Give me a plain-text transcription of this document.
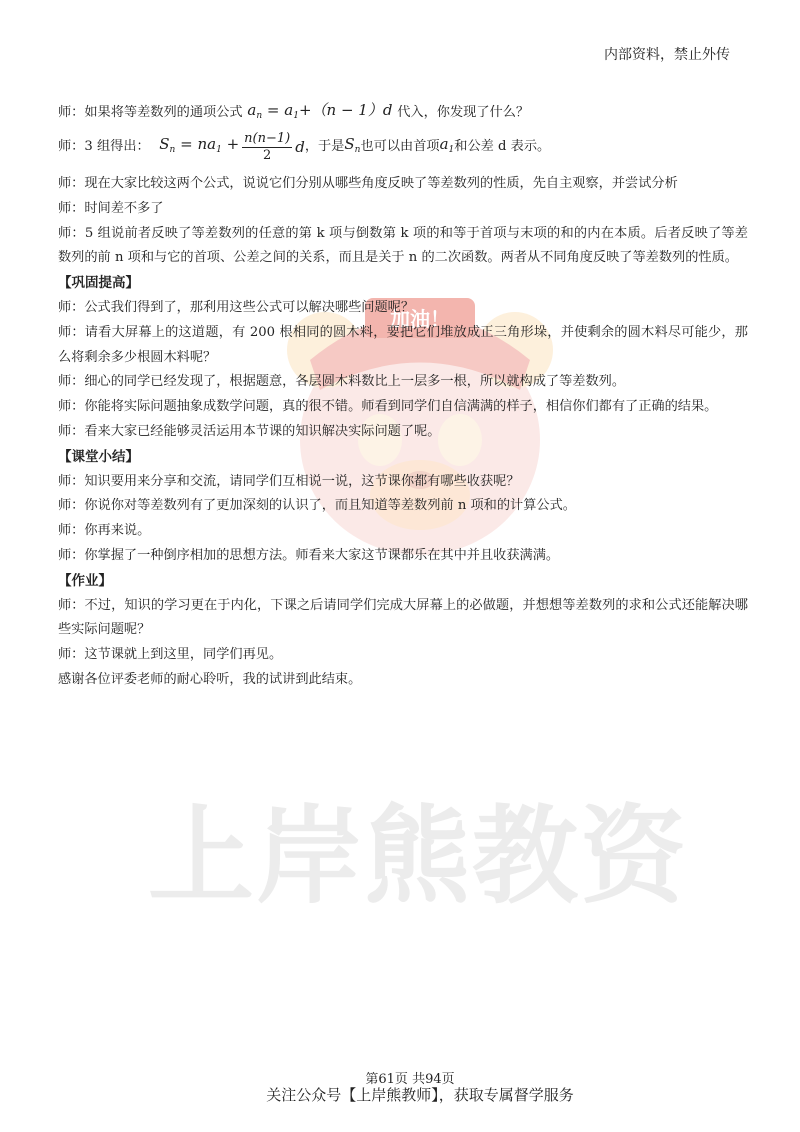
加油！
上岸熊教资
内部资料，禁止外传
师：如果将等差数列的通项公式 $a_n = a_1+(n - 1)d$ 代入，你发现了什么？
师：3 组得出： $S_n = na_1 + \frac{n(n-1)}{2}$ d ，于是 $S_n$ 也可以由首项 $a_1$ 和公差 d 表示。
师：现在大家比较这两个公式，说说它们分别从哪些角度反映了等差数列的性质，先自主观察，并尝试分析
师：时间差不多了
师：5 组说前者反映了等差数列的任意的第 k 项与倒数第 k 项的和等于首项与末项的和的内在本质。后者反映了等差数列的前 n 项和与它的首项、公差之间的关系，而且是关于 n 的二次函数。两者从不同角度反映了等差数列的性质。
【巩固提高】
师：公式我们得到了，那利用这些公式可以解决哪些问题呢？
师：请看大屏幕上的这道题，有 200 根相同的圆木料，要把它们堆放成正三角形垛，并使剩余的圆木料尽可能少，那么将剩余多少根圆木料呢？
师：细心的同学已经发现了，根据题意，各层圆木料数比上一层多一根，所以就构成了等差数列。
师：你能将实际问题抽象成数学问题，真的很不错。师看到同学们自信满满的样子，相信你们都有了正确的结果。
师：看来大家已经能够灵活运用本节课的知识解决实际问题了呢。
【课堂小结】
师：知识要用来分享和交流，请同学们互相说一说，这节课你都有哪些收获呢？
师：你说你对等差数列有了更加深刻的认识了，而且知道等差数列前 n 项和的计算公式。
师：你再来说。
师：你掌握了一种倒序相加的思想方法。师看来大家这节课都乐在其中并且收获满满。
【作业】
师：不过，知识的学习更在于内化，下课之后请同学们完成大屏幕上的必做题，并想想等差数列的求和公式还能解决哪些实际问题呢？
师：这节课就上到这里，同学们再见。
感谢各位评委老师的耐心聆听，我的试讲到此结束。
第61页 共94页
关注公众号【上岸熊教师】，获取专属督学服务
